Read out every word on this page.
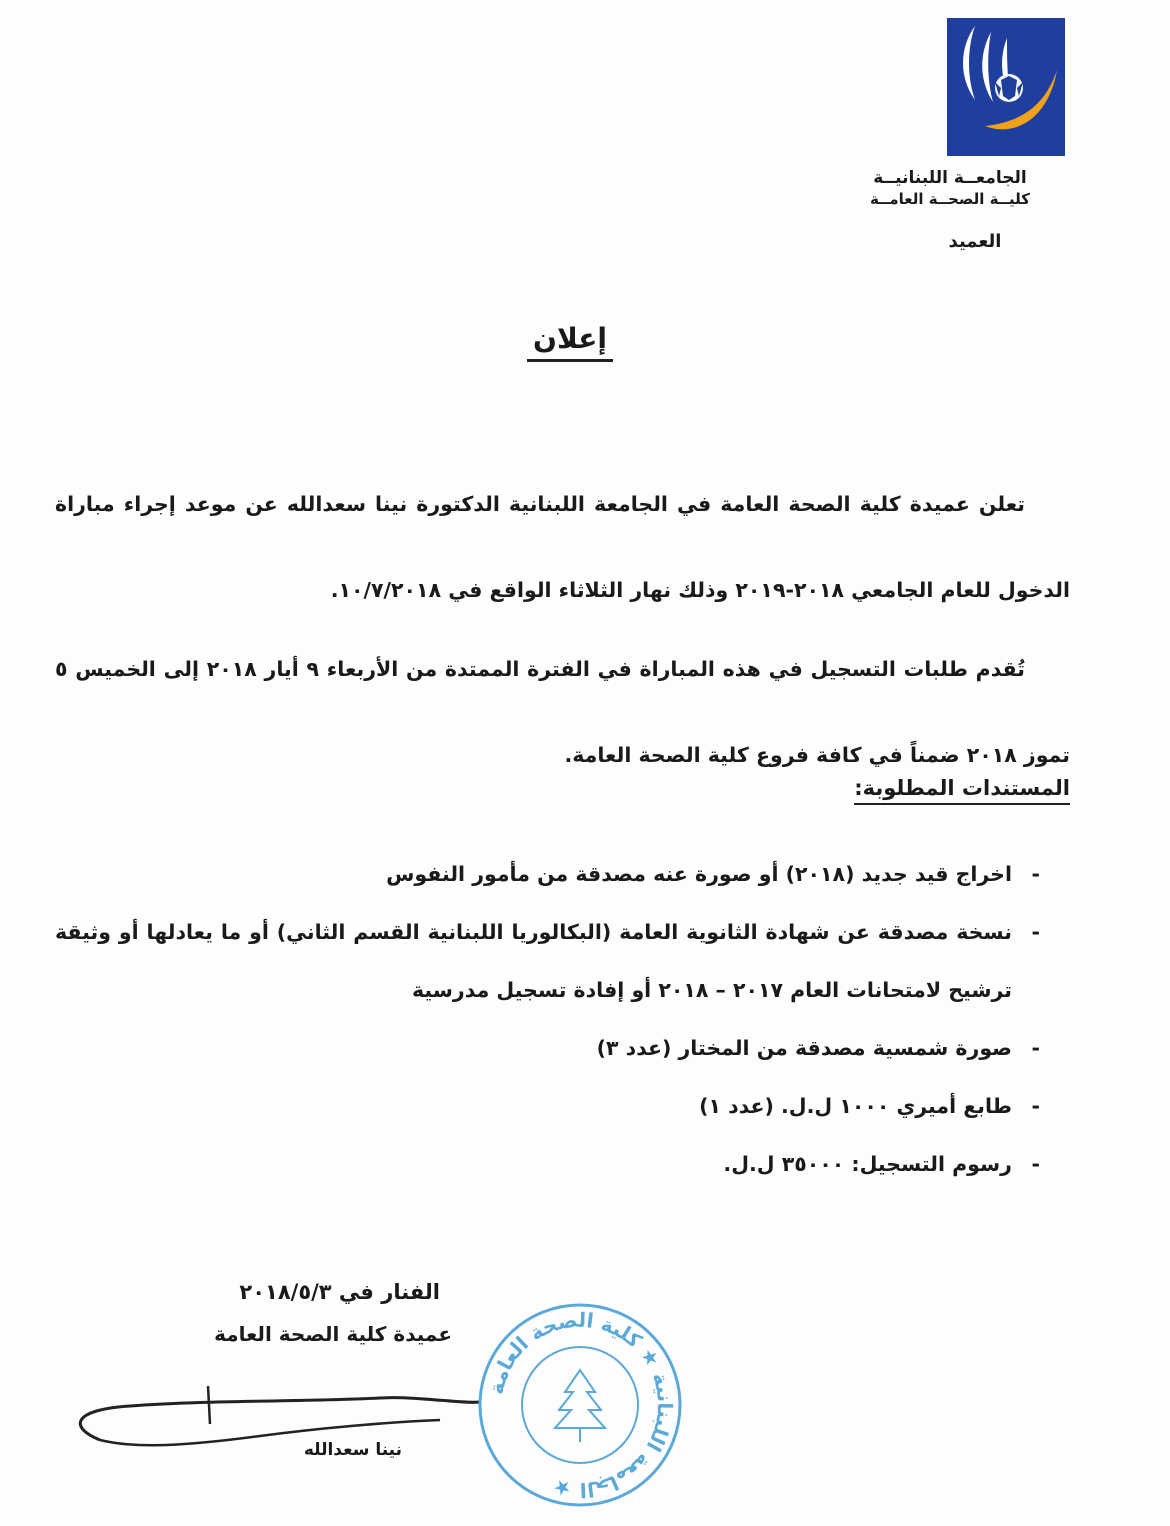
الجامعــة اللبنانيــة
كليــة الصحــة العامــة
العميد
إعلان

تعلن عميدة كلية الصحة العامة في الجامعة اللبنانية الدكتورة نينا سعدالله عن موعد إجراء مباراة الدخول للعام الجامعي ٢٠١٨-٢٠١٩ وذلك نهار الثلاثاء الواقع في ١٠/٧/٢٠١٨.

تُقدم طلبات التسجيل في هذه المباراة في الفترة الممتدة من الأربعاء ٩ أيار ٢٠١٨ إلى الخميس ٥ تموز ٢٠١٨ ضمناً في كافة فروع كلية الصحة العامة.

المستندات المطلوبة:
- اخراج قيد جديد (٢٠١٨) أو صورة عنه مصدقة من مأمور النفوس
- نسخة مصدقة عن شهادة الثانوية العامة (البكالوريا اللبنانية القسم الثاني) أو ما يعادلها أو وثيقة ترشيح لامتحانات العام ٢٠١٧ – ٢٠١٨ أو إفادة تسجيل مدرسية
- صورة شمسية مصدقة من المختار (عدد ٣)
- طابع أميري ١٠٠٠ ل.ل. (عدد ١)
- رسوم التسجيل: ٣٥٠٠٠ ل.ل.
الفنار في ٢٠١٨/٥/٣
عميدة كلية الصحة العامة
نينا سعدالله
الجامعة اللبنانية ★ كلية الصحة العامة ★
